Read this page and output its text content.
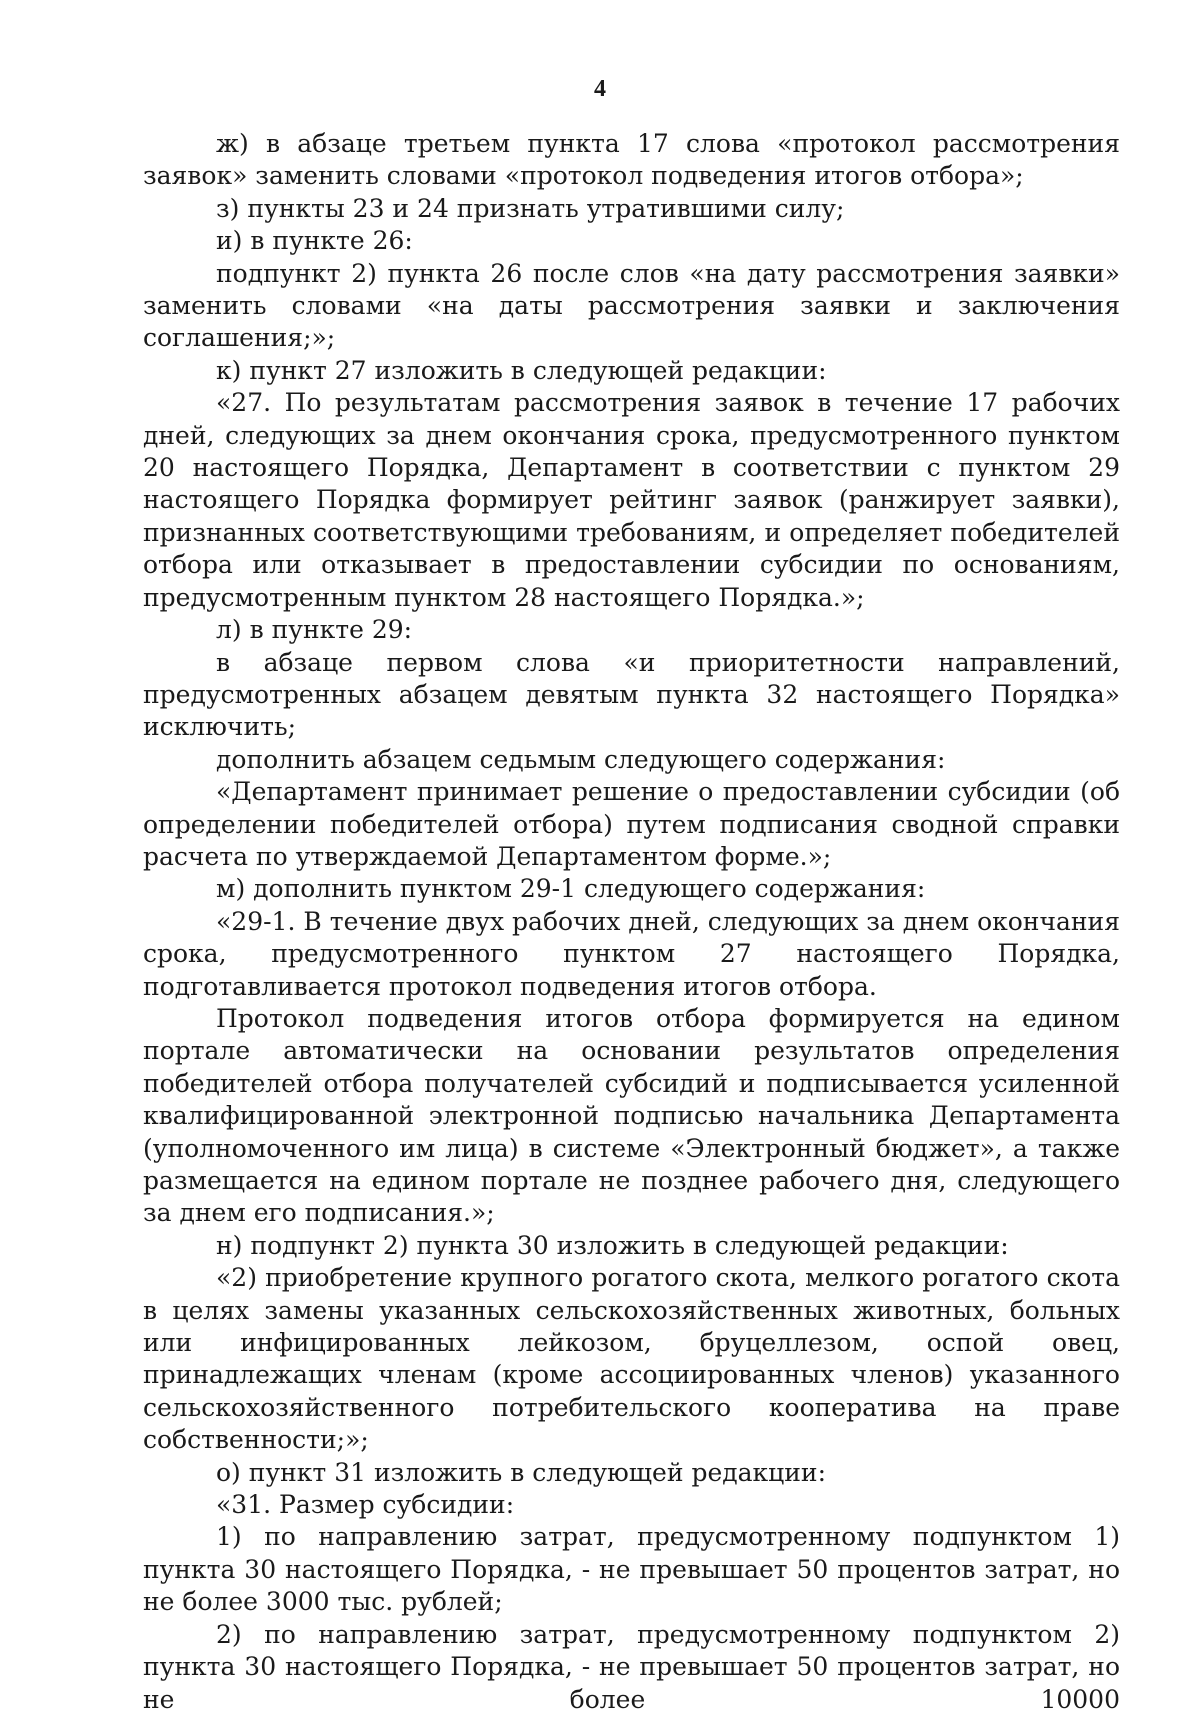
4

ж) в абзаце третьем пункта 17 слова «протокол рассмотрения заявок» заменить словами «протокол подведения итогов отбора»;

з) пункты 23 и 24 признать утратившими силу;

и) в пункте 26:

подпункт 2) пункта 26 после слов «на дату рассмотрения заявки» заменить словами «на даты рассмотрения заявки и заключения соглашения;»;

к) пункт 27 изложить в следующей редакции:

«27. По результатам рассмотрения заявок в течение 17 рабочих дней, следующих за днем окончания срока, предусмотренного пунктом 20 настоящего Порядка, Департамент в соответствии с пунктом 29 настоящего Порядка формирует рейтинг заявок (ранжирует заявки), признанных соответствующими требованиям, и определяет победителей отбора или отказывает в предоставлении субсидии по основаниям, предусмотренным пунктом 28 настоящего Порядка.»;

л) в пункте 29:

в абзаце первом слова «и приоритетности направлений, предусмотренных абзацем девятым пункта 32 настоящего Порядка» исключить;

дополнить абзацем седьмым следующего содержания:

«Департамент принимает решение о предоставлении субсидии (об определении победителей отбора) путем подписания сводной справки расчета по утверждаемой Департаментом форме.»;

м) дополнить пунктом 29-1 следующего содержания:

«29-1. В течение двух рабочих дней, следующих за днем окончания срока, предусмотренного пунктом 27 настоящего Порядка, подготавливается протокол подведения итогов отбора.

Протокол подведения итогов отбора формируется на едином портале автоматически на основании результатов определения победителей отбора получателей субсидий и подписывается усиленной квалифицированной электронной подписью начальника Департамента (уполномоченного им лица) в системе «Электронный бюджет», а также размещается на едином портале не позднее рабочего дня, следующего за днем его подписания.»;

н) подпункт 2) пункта 30 изложить в следующей редакции:

«2) приобретение крупного рогатого скота, мелкого рогатого скота в целях замены указанных сельскохозяйственных животных, больных или инфицированных лейкозом, бруцеллезом, оспой овец, принадлежащих членам (кроме ассоциированных членов) указанного сельскохозяйственного потребительского кооператива на праве собственности;»;

о) пункт 31 изложить в следующей редакции:

«31. Размер субсидии:

1) по направлению затрат, предусмотренному подпунктом 1) пункта 30 настоящего Порядка, - не превышает 50 процентов затрат, но не более 3000 тыс. рублей;

2) по направлению затрат, предусмотренному подпунктом 2) пункта 30 настоящего Порядка, - не превышает 50 процентов затрат, но не более 10000
